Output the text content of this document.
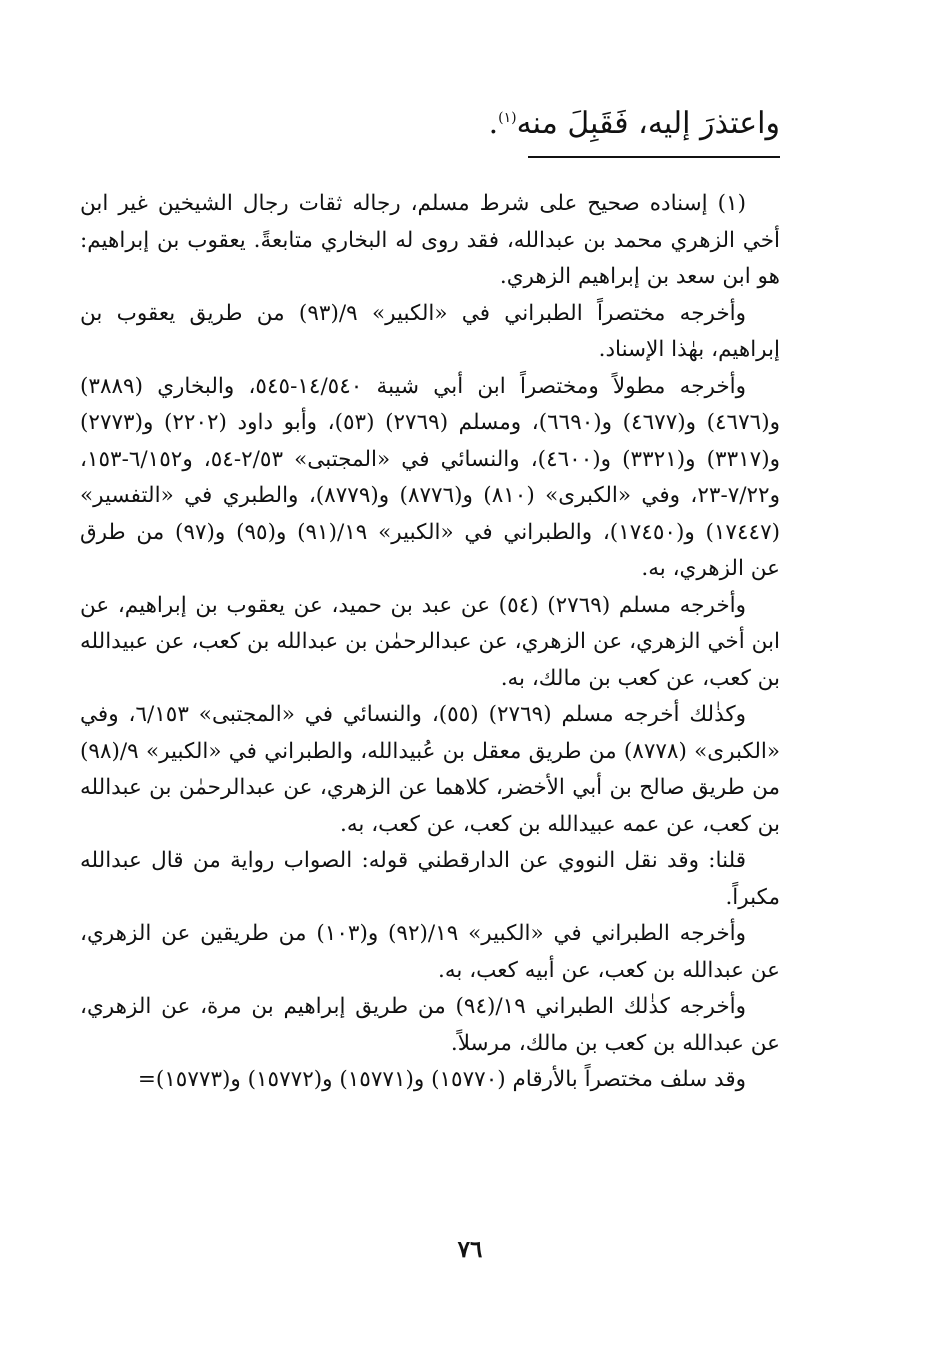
واعتذرَ إليه، فَقَبِلَ منه$^{(١)}$.

(١) إسناده صحيح على شرط مسلم، رجاله ثقات رجال الشيخين غير ابن أخي الزهري محمد بن عبدالله، فقد روى له البخاري متابعةً. يعقوب بن إبراهيم: هو ابن سعد بن إبراهيم الزهري.

وأخرجه مختصراً الطبراني في «الكبير» ٩/(٩٣) من طريق يعقوب بن إبراهيم، بهٰذا الإسناد.

وأخرجه مطولاً ومختصراً ابن أبي شيبة ١٤/٥٤٠-٥٤٥، والبخاري (٣٨٨٩) و(٤٦٧٦) و(٤٦٧٧) و(٦٦٩٠)، ومسلم (٢٧٦٩) (٥٣)، وأبو داود (٢٢٠٢) و(٢٧٧٣) و(٣٣١٧) و(٣٣٢١) و(٤٦٠٠)، والنسائي في «المجتبى» ٢/٥٣-٥٤، و٦/١٥٢-١٥٣، و٧/٢٢-٢٣، وفي «الكبرى» (٨١٠) و(٨٧٧٦) و(٨٧٧٩)، والطبري في «التفسير» (١٧٤٤٧) و(١٧٤٥٠)، والطبراني في «الكبير» ١٩/(٩١) و(٩٥) و(٩٧) من طرق عن الزهري، به.

وأخرجه مسلم (٢٧٦٩) (٥٤) عن عبد بن حميد، عن يعقوب بن إبراهيم، عن ابن أخي الزهري، عن الزهري، عن عبدالرحمٰن بن عبدالله بن كعب، عن عبيدالله بن كعب، عن كعب بن مالك، به.

وكذٰلك أخرجه مسلم (٢٧٦٩) (٥٥)، والنسائي في «المجتبى» ٦/١٥٣، وفي «الكبرى» (٨٧٧٨) من طريق معقل بن عُبيدالله، والطبراني في «الكبير» ٩/(٩٨) من طريق صالح بن أبي الأخضر، كلاهما عن الزهري، عن عبدالرحمٰن بن عبدالله بن كعب، عن عمه عبيدالله بن كعب، عن كعب، به.

قلنا: وقد نقل النووي عن الدارقطني قوله: الصواب رواية من قال عبدالله مكبراً.

وأخرجه الطبراني في «الكبير» ١٩/(٩٢) و(١٠٣) من طريقين عن الزهري، عن عبدالله بن كعب، عن أبيه كعب، به.

وأخرجه كذٰلك الطبراني ١٩/(٩٤) من طريق إبراهيم بن مرة، عن الزهري، عن عبدالله بن كعب بن مالك، مرسلاً.

وقد سلف مختصراً بالأرقام (١٥٧٧٠) و(١٥٧٧١) و(١٥٧٧٢) و(١٥٧٧٣)=

٧٦
